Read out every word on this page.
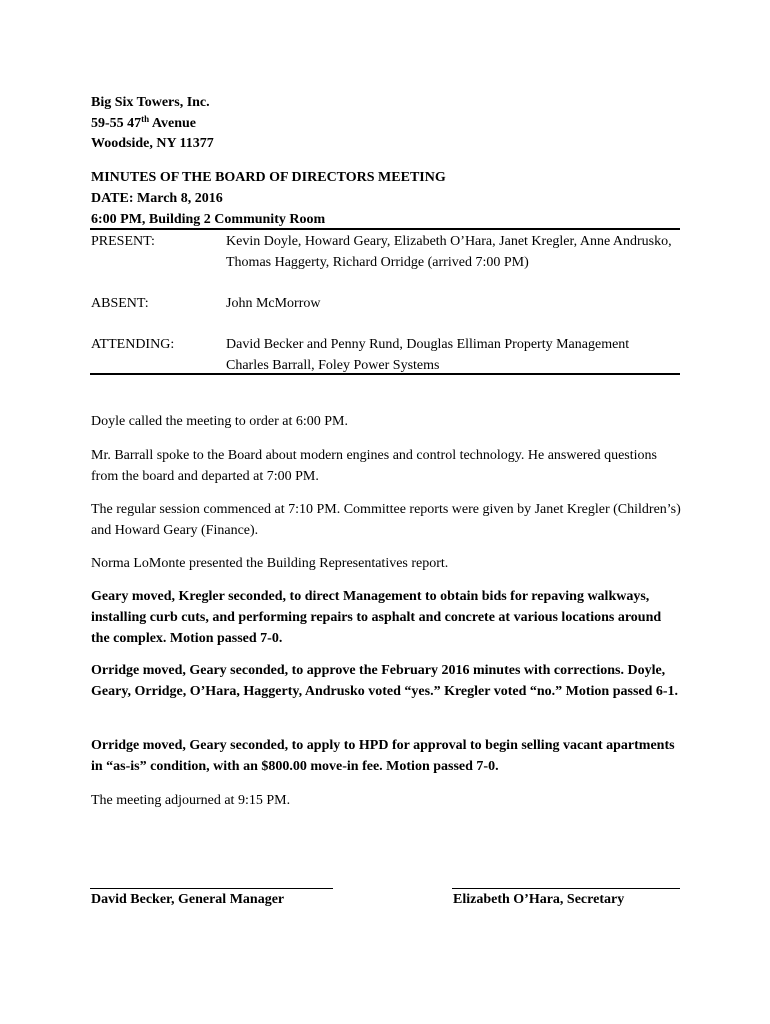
Big Six Towers, Inc.
59-55 47th Avenue
Woodside, NY 11377
MINUTES OF THE BOARD OF DIRECTORS MEETING
DATE: March 8, 2016
6:00 PM, Building 2 Community Room
PRESENT:	Kevin Doyle, Howard Geary, Elizabeth O’Hara, Janet Kregler, Anne Andrusko, Thomas Haggerty, Richard Orridge (arrived 7:00 PM)
ABSENT:	John McMorrow
ATTENDING:	David Becker and Penny Rund, Douglas Elliman Property Management
Charles Barrall, Foley Power Systems
Doyle called the meeting to order at 6:00 PM.
Mr. Barrall spoke to the Board about modern engines and control technology. He answered questions from the board and departed at 7:00 PM.
The regular session commenced at 7:10 PM. Committee reports were given by Janet Kregler (Children’s) and Howard Geary (Finance).
Norma LoMonte presented the Building Representatives report.
Geary moved, Kregler seconded, to direct Management to obtain bids for repaving walkways, installing curb cuts, and performing repairs to asphalt and concrete at various locations around the complex. Motion passed 7-0.
Orridge moved, Geary seconded, to approve the February 2016 minutes with corrections. Doyle, Geary, Orridge, O’Hara, Haggerty, Andrusko voted “yes.” Kregler voted “no.” Motion passed 6-1.
Orridge moved, Geary seconded, to apply to HPD for approval to begin selling vacant apartments in “as-is” condition, with an $800.00 move-in fee. Motion passed 7-0.
The meeting adjourned at 9:15 PM.
David Becker, General Manager	Elizabeth O’Hara, Secretary
